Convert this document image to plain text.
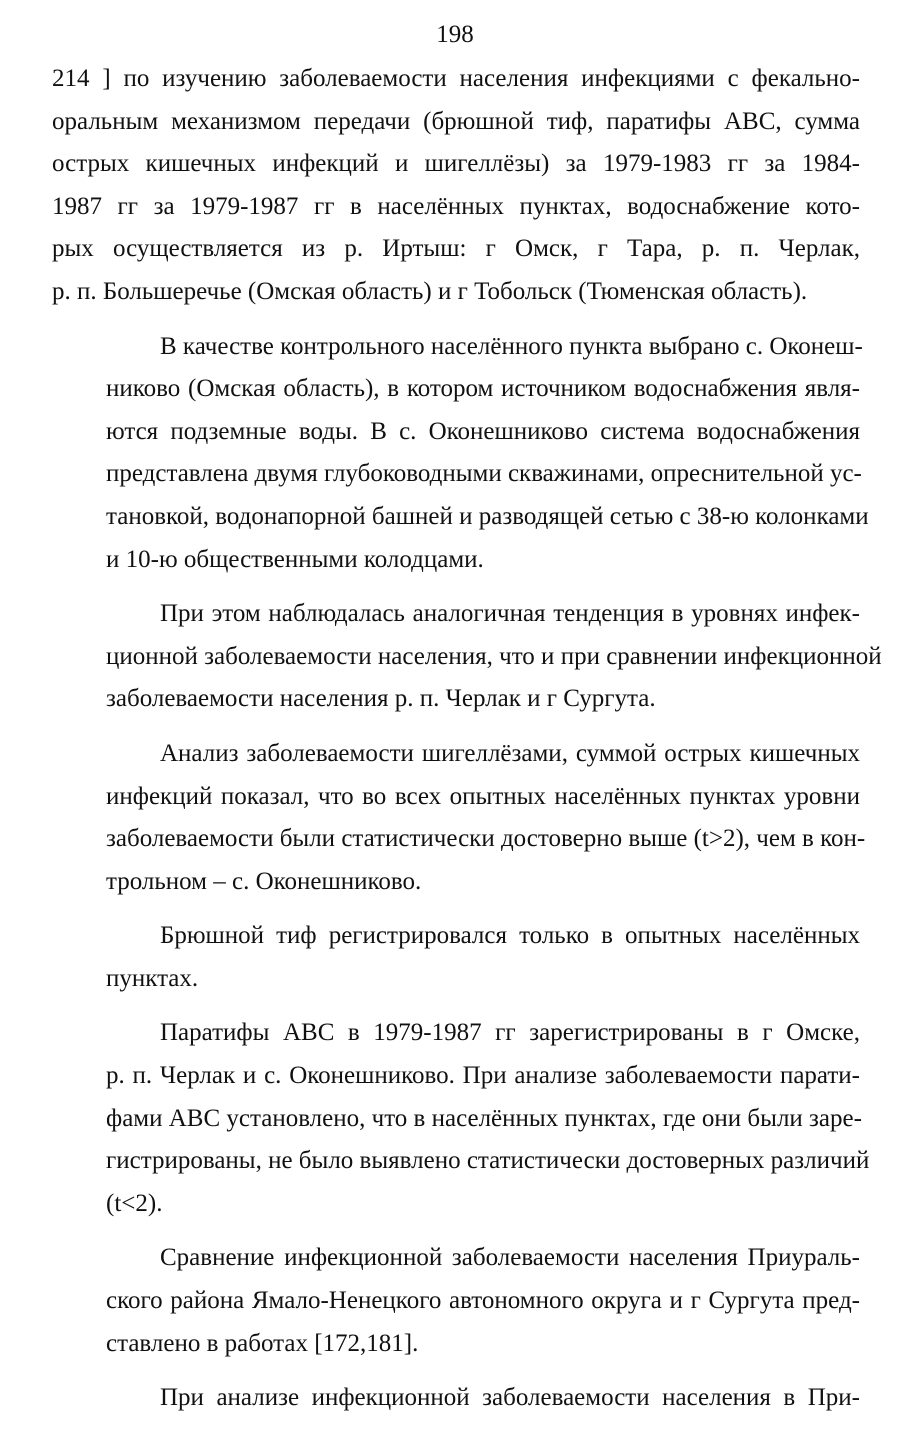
198
214 ] по изучению заболеваемости населения инфекциями с фекально-
оральным механизмом передачи (брюшной тиф, паратифы ABC, сумма
острых кишечных инфекций и шигеллёзы) за 1979-1983 гг за 1984-
1987 гг за 1979-1987 гг в населённых пунктах, водоснабжение кото-
рых осуществляется из р. Иртыш: г Омск, г Тара, р. п. Черлак,
р. п. Большеречье (Омская область) и г Тобольск (Тюменская область).
В качестве контрольного населённого пункта выбрано с. Оконеш-
никово (Омская область), в котором источником водоснабжения явля-
ются подземные воды. В с. Оконешниково система водоснабжения
представлена двумя глубоководными скважинами, опреснительной ус-
тановкой, водонапорной башней и разводящей сетью с 38-ю колонками
и 10-ю общественными колодцами.
При этом наблюдалась аналогичная тенденция в уровнях инфек-
ционной заболеваемости населения, что и при сравнении инфекционной
заболеваемости населения р. п. Черлак и г Сургута.
Анализ заболеваемости шигеллёзами, суммой острых кишечных
инфекций показал, что во всех опытных населённых пунктах уровни
заболеваемости были статистически достоверно выше (t>2), чем в кон-
трольном – с. Оконешниково.
Брюшной тиф регистрировался только в опытных населённых
пунктах.
Паратифы ABC в 1979-1987 гг зарегистрированы в г Омске,
р. п. Черлак и с. Оконешниково. При анализе заболеваемости парати-
фами ABC установлено, что в населённых пунктах, где они были заре-
гистрированы, не было выявлено статистически достоверных различий
(t<2).
Сравнение инфекционной заболеваемости населения Приураль-
ского района Ямало-Ненецкого автономного округа и г Сургута пред-
ставлено в работах [172,181].
При анализе инфекционной заболеваемости населения в При-
